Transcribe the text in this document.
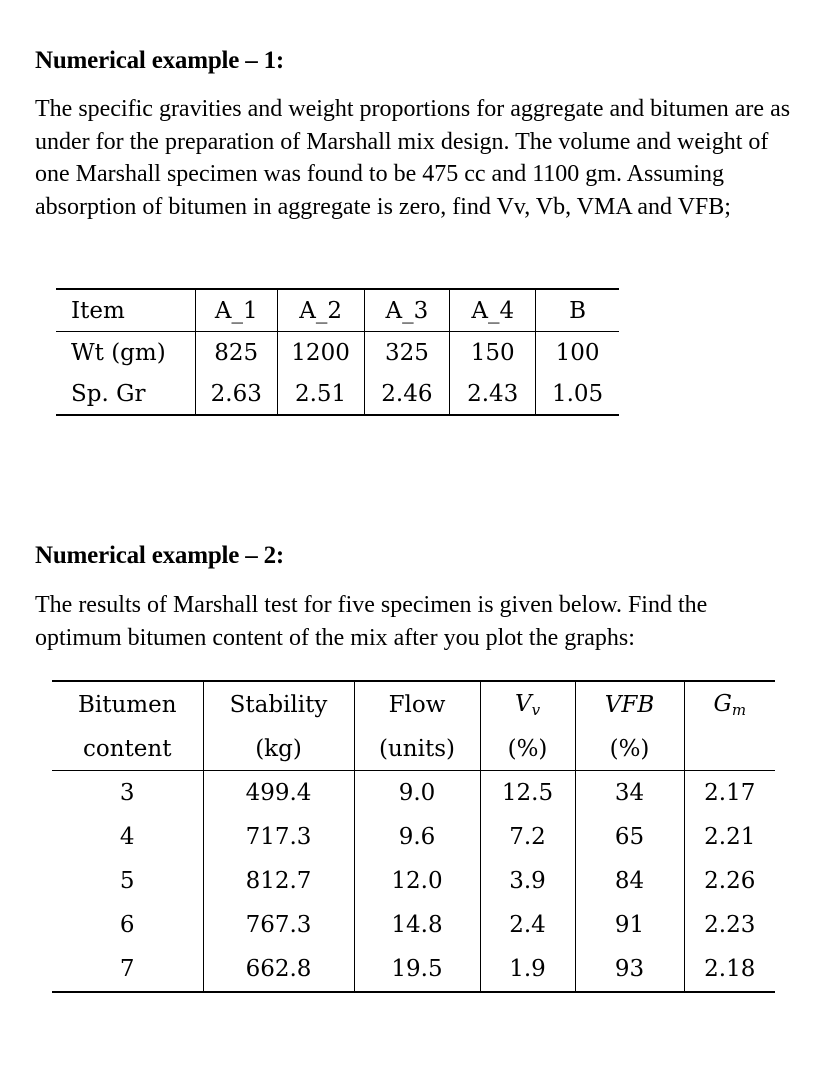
Numerical example – 1:
The specific gravities and weight proportions for aggregate and bitumen are as under for the preparation of Marshall mix design. The volume and weight of one Marshall specimen was found to be 475 cc and 1100 gm. Assuming absorption of bitumen in aggregate is zero, find Vv, Vb, VMA and VFB;
Item	A_1	A_2	A_3	A_4	B
Wt (gm)	825	1200	325	150	100
Sp. Gr	2.63	2.51	2.46	2.43	1.05
Numerical example – 2:
The results of Marshall test for five specimen is given below. Find the optimum bitumen content of the mix after you plot the graphs:
Bitumen	Stability	Flow	$V_v$	VFB	$G_m$
content	(kg)	(units)	(%)	(%)	
3	499.4	9.0	12.5	34	2.17
4	717.3	9.6	7.2	65	2.21
5	812.7	12.0	3.9	84	2.26
6	767.3	14.8	2.4	91	2.23
7	662.8	19.5	1.9	93	2.18
